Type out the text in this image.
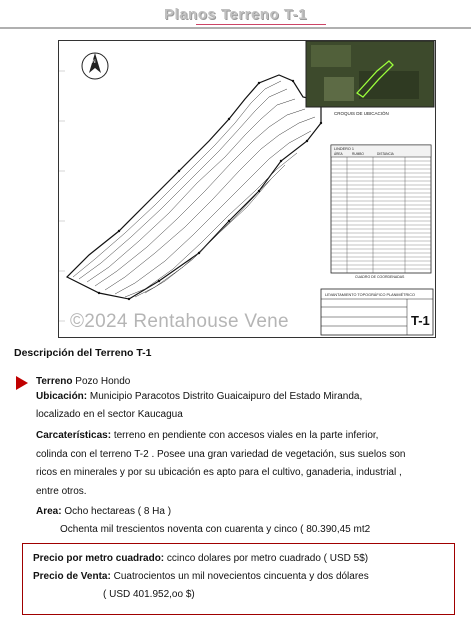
Planos Terreno T-1
N
CROQUIS DE UBICACIÓN
LINDERO 1
ÁREA	RUMBO	DISTANCIA
CUADRO DE COORDENADAS
LEVANTAMIENTO TOPOGRÁFICO PLANIMÉTRICO
T-1
©2024 Rentahouse Vene
Descripción del Terreno T-1
Terreno Pozo Hondo
Ubicación: Municipio Paracotos Distrito Guaicaipuro del Estado Miranda,
localizado en el sector Kaucagua
Carcaterísticas: terreno en pendiente con accesos viales en la parte inferior,
colinda con el terreno T-2 . Posee una gran variedad de vegetación, sus suelos son
ricos en minerales y por su ubicación es apto para el cultivo, ganaderia, industrial ,
entre otros.
Area: Ocho hectareas ( 8 Ha )
Ochenta mil trescientos noventa con cuarenta y cinco ( 80.390,45 mt2
Precio por metro cuadrado: ccinco dolares por metro cuadrado ( USD 5$)
Precio de Venta: Cuatrocientos un mil novecientos cincuenta y dos dólares
( USD 401.952,oo $)
